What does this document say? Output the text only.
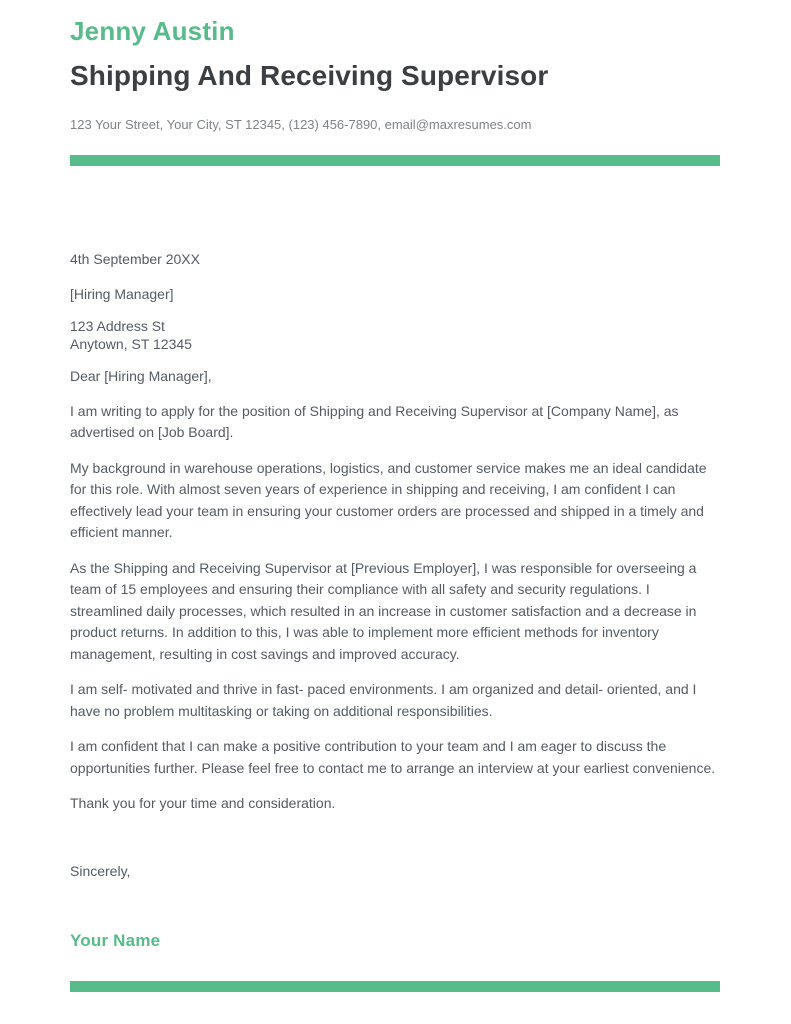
Jenny Austin
Shipping And Receiving Supervisor
123 Your Street, Your City, ST 12345, (123) 456-7890, email@maxresumes.com

4th September 20XX

[Hiring Manager]

123 Address St
Anytown, ST 12345

Dear [Hiring Manager],

I am writing to apply for the position of Shipping and Receiving Supervisor at [Company Name], as advertised on [Job Board].

My background in warehouse operations, logistics, and customer service makes me an ideal candidate for this role. With almost seven years of experience in shipping and receiving, I am confident I can effectively lead your team in ensuring your customer orders are processed and shipped in a timely and efficient manner.

As the Shipping and Receiving Supervisor at [Previous Employer], I was responsible for overseeing a team of 15 employees and ensuring their compliance with all safety and security regulations. I streamlined daily processes, which resulted in an increase in customer satisfaction and a decrease in product returns. In addition to this, I was able to implement more efficient methods for inventory management, resulting in cost savings and improved accuracy.

I am self- motivated and thrive in fast- paced environments. I am organized and detail- oriented, and I have no problem multitasking or taking on additional responsibilities.

I am confident that I can make a positive contribution to your team and I am eager to discuss the opportunities further. Please feel free to contact me to arrange an interview at your earliest convenience.

Thank you for your time and consideration.

Sincerely,

Your Name
